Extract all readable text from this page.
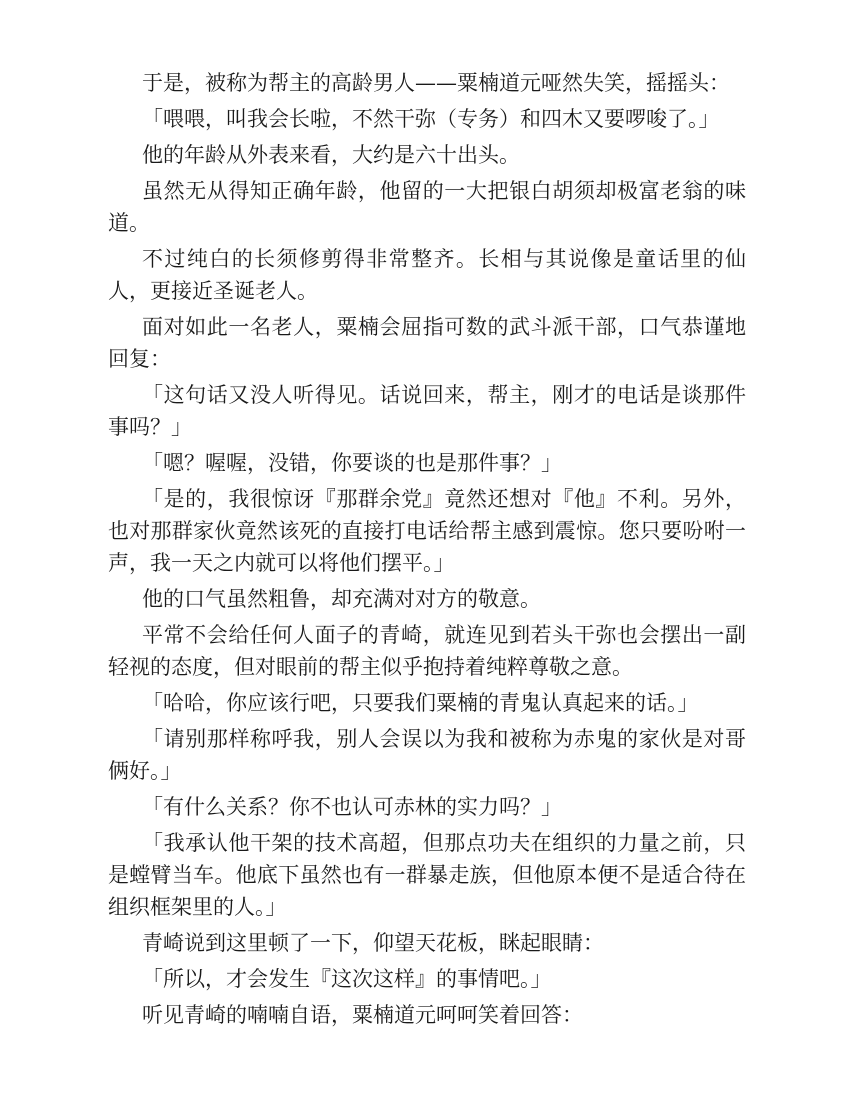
于是，被称为帮主的高龄男人——粟楠道元哑然失笑，摇摇头：

「喂喂，叫我会长啦，不然干弥（专务）和四木又要啰唆了。」

他的年龄从外表来看，大约是六十出头。

虽然无从得知正确年龄，他留的一大把银白胡须却极富老翁的味道。

不过纯白的长须修剪得非常整齐。长相与其说像是童话里的仙人，更接近圣诞老人。

面对如此一名老人，粟楠会屈指可数的武斗派干部，口气恭谨地回复：

「这句话又没人听得见。话说回来，帮主，刚才的电话是谈那件事吗？」

「嗯？喔喔，没错，你要谈的也是那件事？」

「是的，我很惊讶『那群余党』竟然还想对『他』不利。另外，也对那群家伙竟然该死的直接打电话给帮主感到震惊。您只要吩咐一声，我一天之内就可以将他们摆平。」

他的口气虽然粗鲁，却充满对对方的敬意。

平常不会给任何人面子的青崎，就连见到若头干弥也会摆出一副轻视的态度，但对眼前的帮主似乎抱持着纯粹尊敬之意。

「哈哈，你应该行吧，只要我们粟楠的青鬼认真起来的话。」

「请别那样称呼我，别人会误以为我和被称为赤鬼的家伙是对哥俩好。」

「有什么关系？你不也认可赤林的实力吗？」

「我承认他干架的技术高超，但那点功夫在组织的力量之前，只是螳臂当车。他底下虽然也有一群暴走族，但他原本便不是适合待在组织框架里的人。」

青崎说到这里顿了一下，仰望天花板，眯起眼睛：

「所以，才会发生『这次这样』的事情吧。」

听见青崎的喃喃自语，粟楠道元呵呵笑着回答：
